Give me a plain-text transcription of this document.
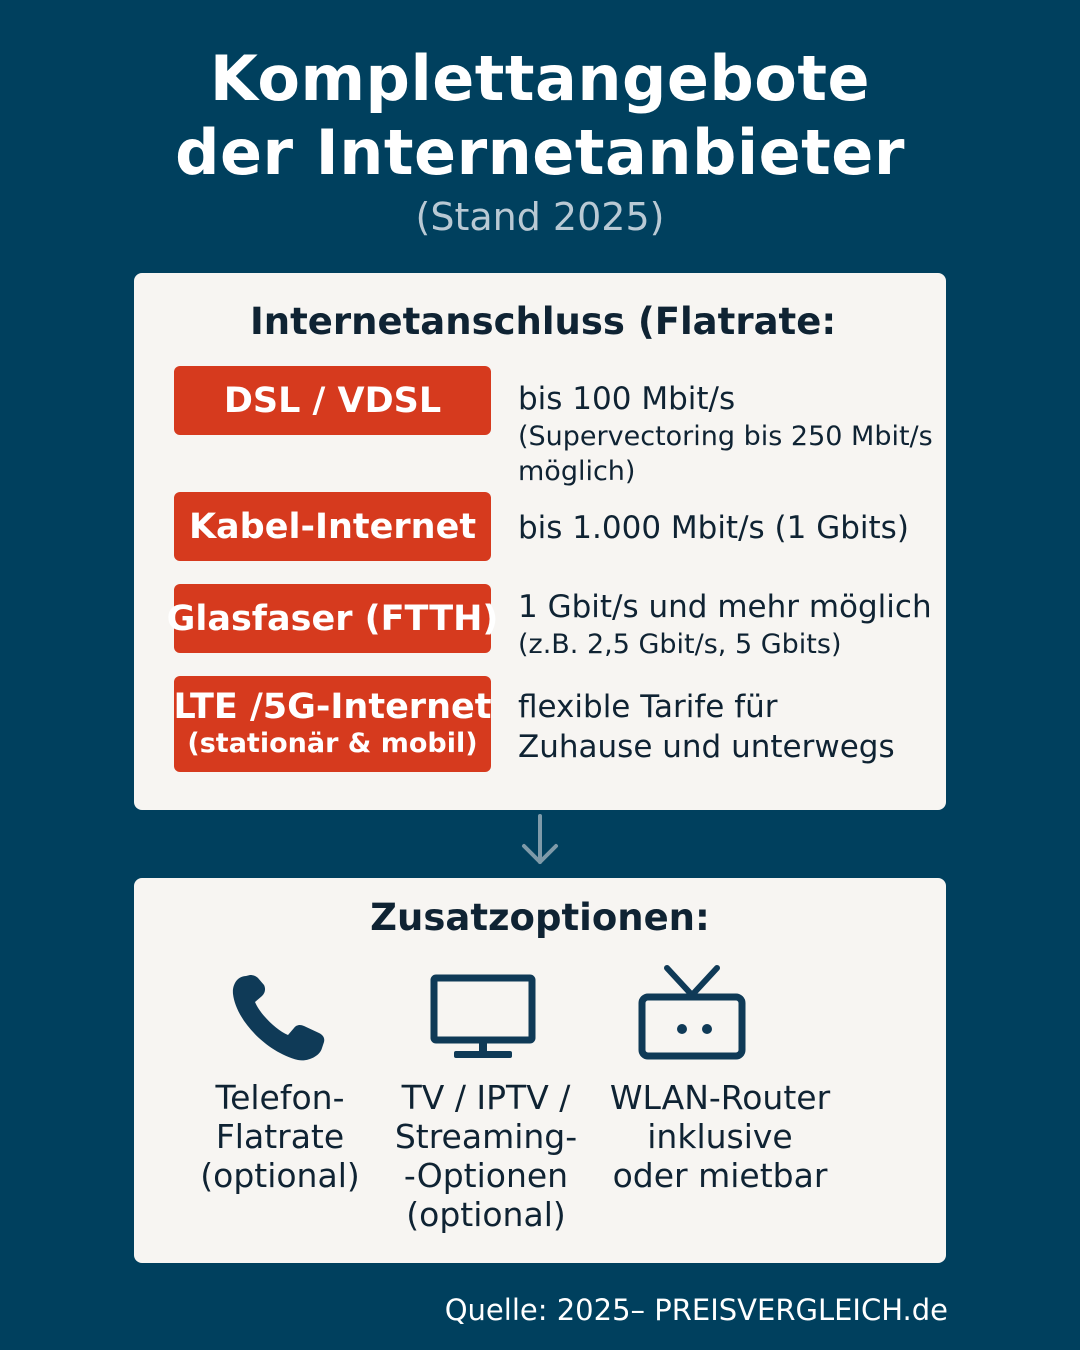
Komplettangebote
der Internetanbieter
(Stand 2025)
Internetanschluss (Flatrate:
DSL / VDSL bis 100 Mbit/s
(Supervectoring bis 250 Mbit/s
möglich)
Kabel-Internet bis 1.000 Mbit/s (1 Gbits)
Glasfaser (FTTH) 1 Gbit/s und mehr möglich
(z.B. 2,5 Gbit/s, 5 Gbits)
LTE /5G-Internet
(stationär & mobil)
flexible Tarife für
Zuhause und unterwegs
Zusatzoptionen:
Telefon-
Flatrate
(optional)
TV / IPTV /
Streaming-
-Optionen
(optional)
WLAN-Router
inklusive
oder mietbar
Quelle: 2025– PREISVERGLEICH.de
